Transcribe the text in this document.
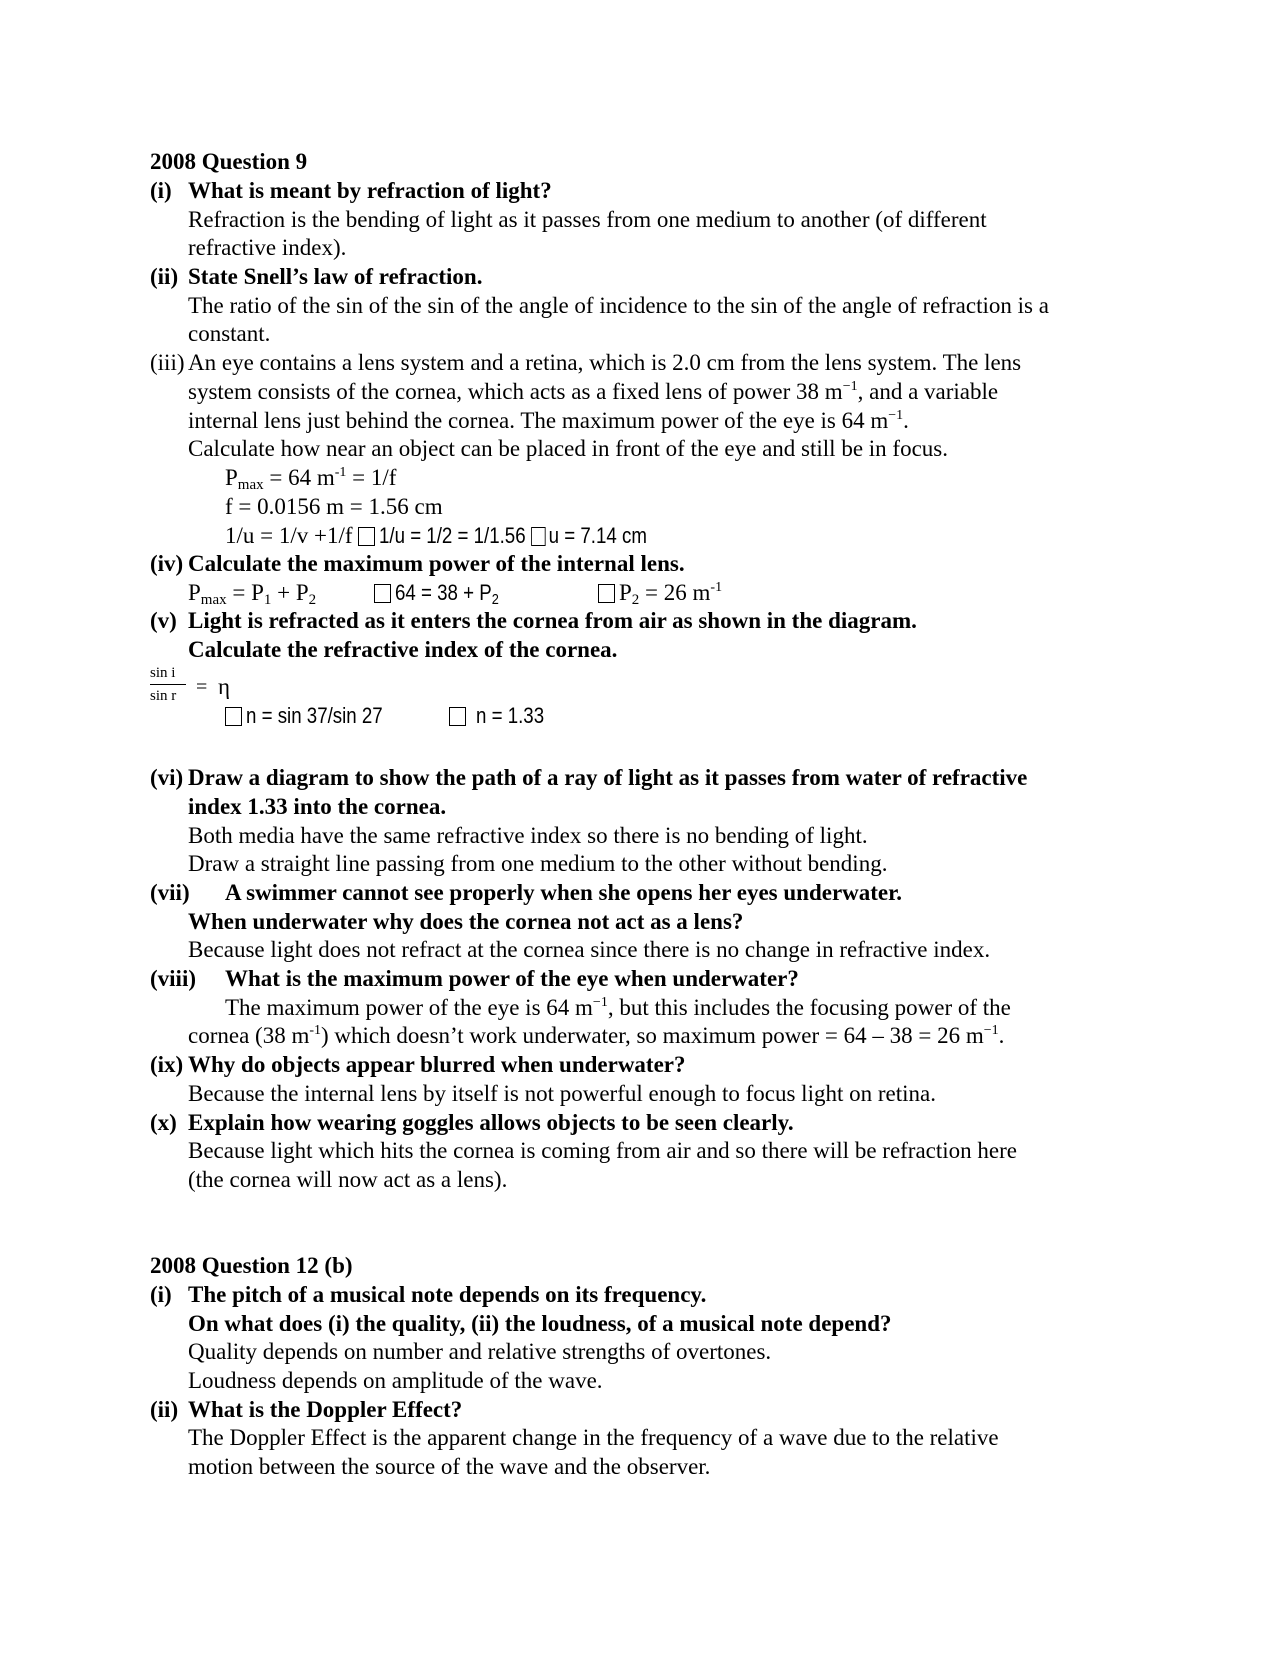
2008 Question 9
(i) What is meant by refraction of light?
Refraction is the bending of light as it passes from one medium to another (of different
refractive index).
(ii) State Snell’s law of refraction.
The ratio of the sin of the sin of the angle of incidence to the sin of the angle of refraction is a
constant.
(iii) An eye contains a lens system and a retina, which is 2.0 cm from the lens system. The lens
system consists of the cornea, which acts as a fixed lens of power 38 $m^{-1}$, and a variable
internal lens just behind the cornea. The maximum power of the eye is 64 $m^{-1}$.
Calculate how near an object can be placed in front of the eye and still be in focus.
$P_{max} = 64$ $m^{-1} = 1/f$
f = 0.0156 m = 1.56 cm
1/u = 1/v +1/f 1/u = 1/2 = 1/1.56 u = 7.14 cm
(iv) Calculate the maximum power of the internal lens.
$P_{max} = P_1 + P_2$	$64 = 38 + P_2$	$P_2 = 26$ $m^{-1}$
(v) Light is refracted as it enters the cornea from air as shown in the diagram.
Calculate the refractive index of the cornea.
sin i
sin r = η
n = sin 37/sin 27	n = 1.33
(vi) Draw a diagram to show the path of a ray of light as it passes from water of refractive
index 1.33 into the cornea.
Both media have the same refractive index so there is no bending of light.
Draw a straight line passing from one medium to the other without bending.
(vii) A swimmer cannot see properly when she opens her eyes underwater.
When underwater why does the cornea not act as a lens?
Because light does not refract at the cornea since there is no change in refractive index.
(viii) What is the maximum power of the eye when underwater?
The maximum power of the eye is 64 $m^{-1}$, but this includes the focusing power of the
cornea (38 $m^{-1}$) which doesn’t work underwater, so maximum power = 64 – 38 = 26 $m^{-1}$.
(ix) Why do objects appear blurred when underwater?
Because the internal lens by itself is not powerful enough to focus light on retina.
(x) Explain how wearing goggles allows objects to be seen clearly.
Because light which hits the cornea is coming from air and so there will be refraction here
(the cornea will now act as a lens).
2008 Question 12 (b)
(i) The pitch of a musical note depends on its frequency.
On what does (i) the quality, (ii) the loudness, of a musical note depend?
Quality depends on number and relative strengths of overtones.
Loudness depends on amplitude of the wave.
(ii) What is the Doppler Effect?
The Doppler Effect is the apparent change in the frequency of a wave due to the relative
motion between the source of the wave and the observer.
